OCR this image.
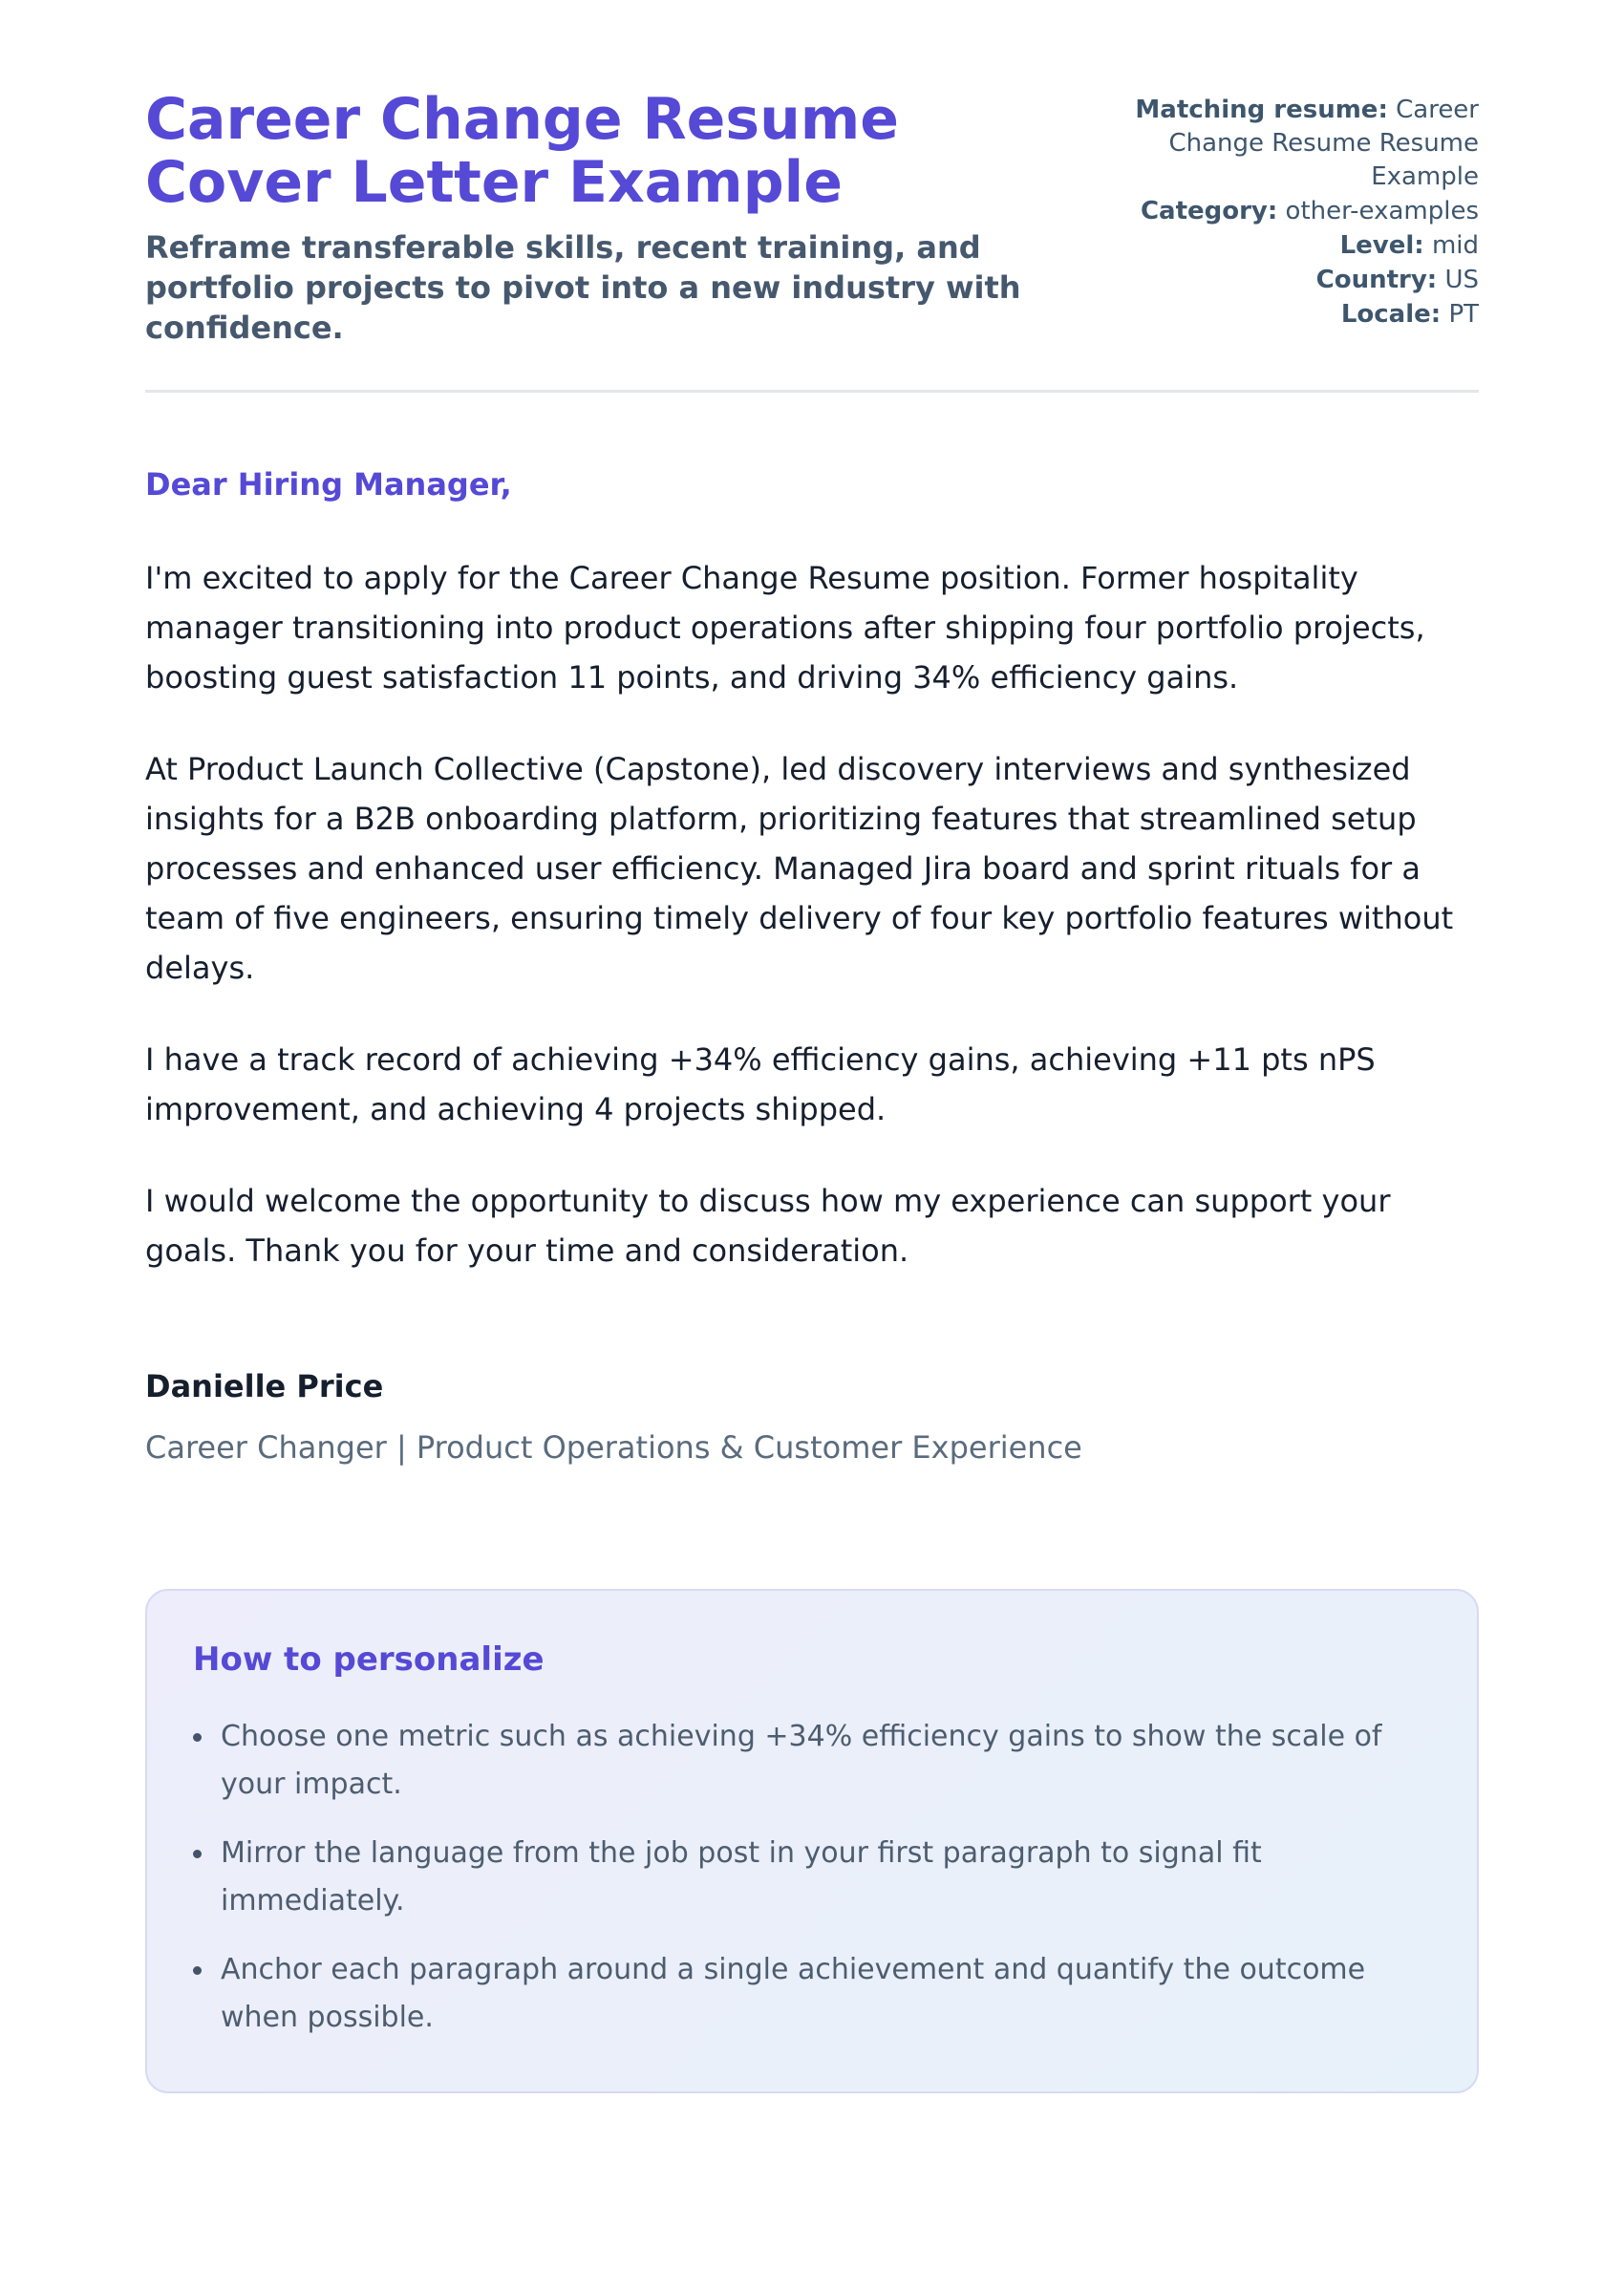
Career Change Resume Cover Letter Example

Reframe transferable skills, recent training, and portfolio projects to pivot into a new industry with confidence.

Matching resume: Career Change Resume Resume Example
Category: other-examples
Level: mid
Country: US
Locale: PT
Dear Hiring Manager,

I'm excited to apply for the Career Change Resume position. Former hospitality manager transitioning into product operations after shipping four portfolio projects, boosting guest satisfaction 11 points, and driving 34% efficiency gains.

At Product Launch Collective (Capstone), led discovery interviews and synthesized insights for a B2B onboarding platform, prioritizing features that streamlined setup processes and enhanced user efficiency. Managed Jira board and sprint rituals for a team of five engineers, ensuring timely delivery of four key portfolio features without delays.

I have a track record of achieving +34% efficiency gains, achieving +11 pts nPS improvement, and achieving 4 projects shipped.

I would welcome the opportunity to discuss how my experience can support your goals. Thank you for your time and consideration.

Danielle Price

Career Changer | Product Operations & Customer Experience

How to personalize
Choose one metric such as achieving +34% efficiency gains to show the scale of your impact.
Mirror the language from the job post in your first paragraph to signal fit immediately.
Anchor each paragraph around a single achievement and quantify the outcome when possible.
